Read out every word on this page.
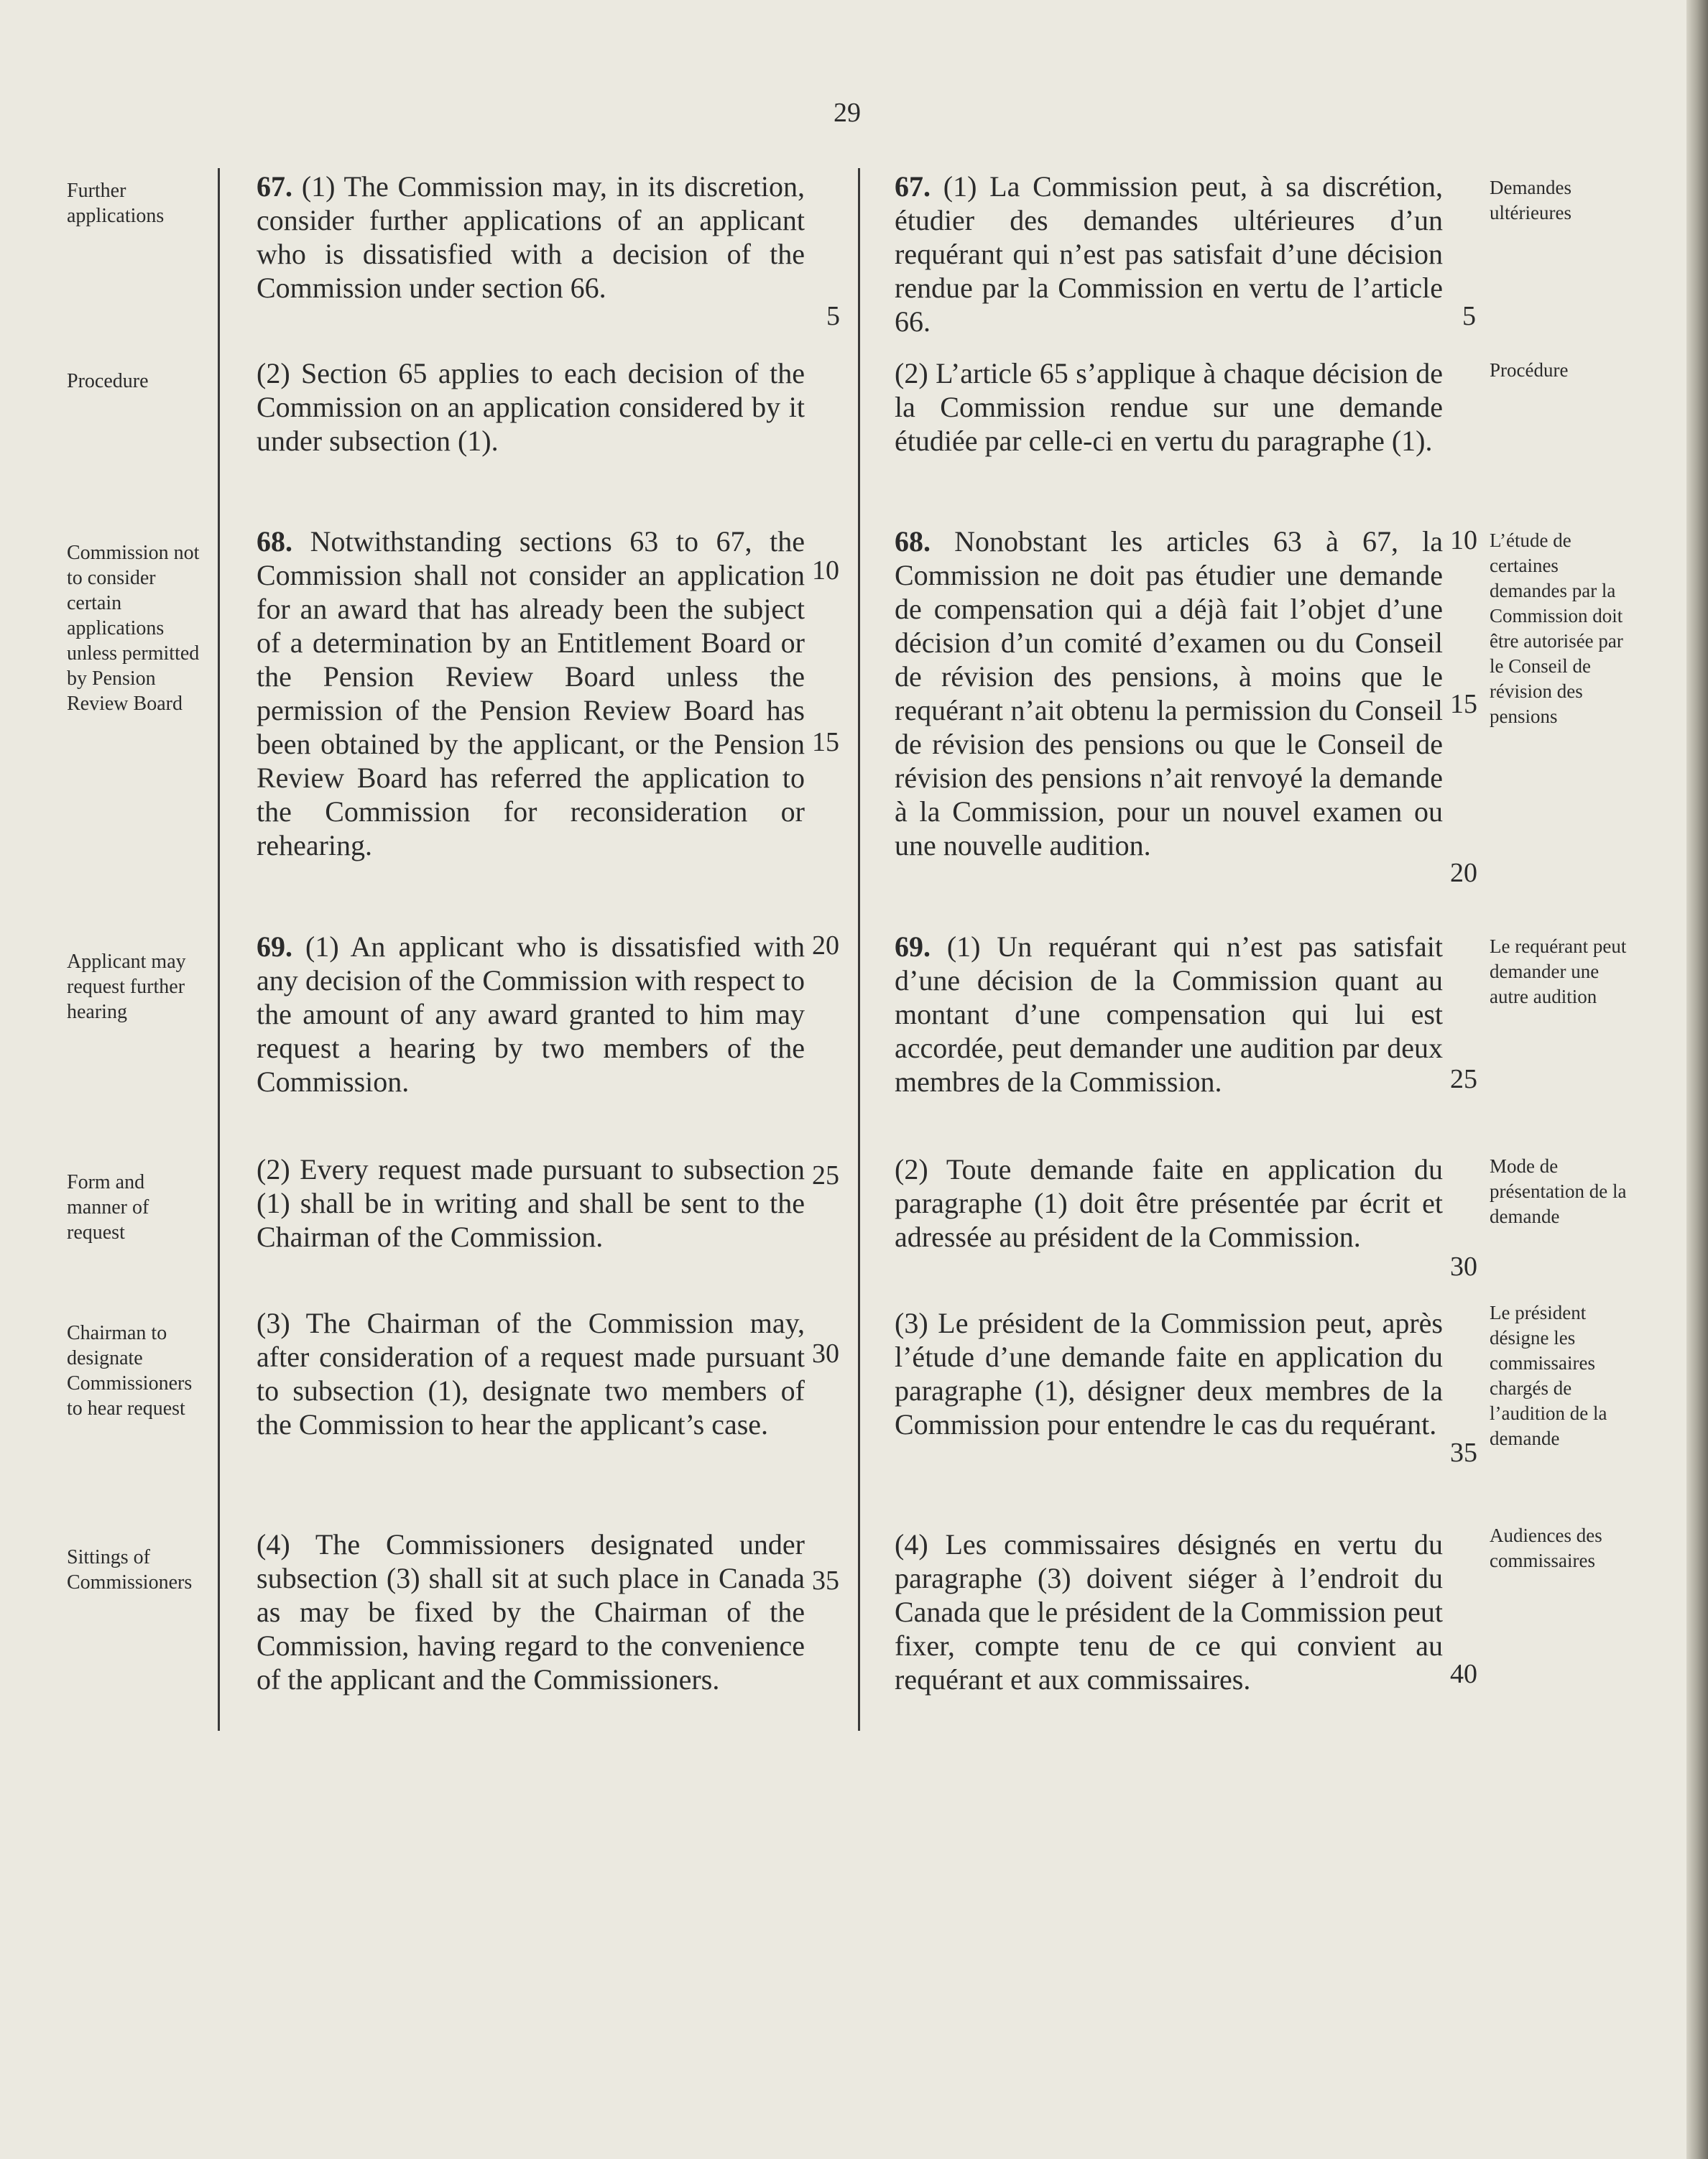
29
Further applications
Procedure
Commission not to consider certain applications unless permitted by Pension Review Board
Applicant may request further hearing
Form and manner of request
Chairman to designate Commissioners to hear request
Sittings of Commissioners
67. (1) The Commission may, in its discretion, consider further applications of an applicant who is dissatisfied with a decision of the Commission under section 66.
(2) Section 65 applies to each decision of the Commission on an application considered by it under subsection (1).
68. Notwithstanding sections 63 to 67, the Commission shall not consider an application for an award that has already been the subject of a determination by an Entitlement Board or the Pension Review Board unless the permission of the Pension Review Board has been obtained by the applicant, or the Pension Review Board has referred the application to the Commission for reconsideration or rehearing.
69. (1) An applicant who is dissatisfied with any decision of the Commission with respect to the amount of any award granted to him may request a hearing by two members of the Commission.
(2) Every request made pursuant to subsection (1) shall be in writing and shall be sent to the Chairman of the Commission.
(3) The Chairman of the Commission may, after consideration of a request made pursuant to subsection (1), designate two members of the Commission to hear the applicant’s case.
(4) The Commissioners designated under subsection (3) shall sit at such place in Canada as may be fixed by the Chairman of the Commission, having regard to the convenience of the applicant and the Commissioners.
5
10
15
20
25
30
35
67. (1) La Commission peut, à sa discrétion, étudier des demandes ultérieures d’un requérant qui n’est pas satisfait d’une décision rendue par la Commission en vertu de l’article 66.
(2) L’article 65 s’applique à chaque décision de la Commission rendue sur une demande étudiée par celle-ci en vertu du paragraphe (1).
68. Nonobstant les articles 63 à 67, la Commission ne doit pas étudier une demande de compensation qui a déjà fait l’objet d’une décision d’un comité d’examen ou du Conseil de révision des pensions, à moins que le requérant n’ait obtenu la permission du Conseil de révision des pensions ou que le Conseil de révision des pensions n’ait renvoyé la demande à la Commission, pour un nouvel examen ou une nouvelle audition.
69. (1) Un requérant qui n’est pas satisfait d’une décision de la Commission quant au montant d’une compensation qui lui est accordée, peut demander une audition par deux membres de la Commission.
(2) Toute demande faite en application du paragraphe (1) doit être présentée par écrit et adressée au président de la Commission.
(3) Le président de la Commission peut, après l’étude d’une demande faite en application du paragraphe (1), désigner deux membres de la Commission pour entendre le cas du requérant.
(4) Les commissaires désignés en vertu du paragraphe (3) doivent siéger à l’endroit du Canada que le président de la Commission peut fixer, compte tenu de ce qui convient au requérant et aux commissaires.
5
10
15
20
25
30
35
40
Demandes ultérieures
Procédure
L’étude de certaines demandes par la Commission doit être autorisée par le Conseil de révision des pensions
Le requérant peut demander une autre audition
Mode de présentation de la demande
Le président désigne les commissaires chargés de l’audition de la demande
Audiences des commissaires
